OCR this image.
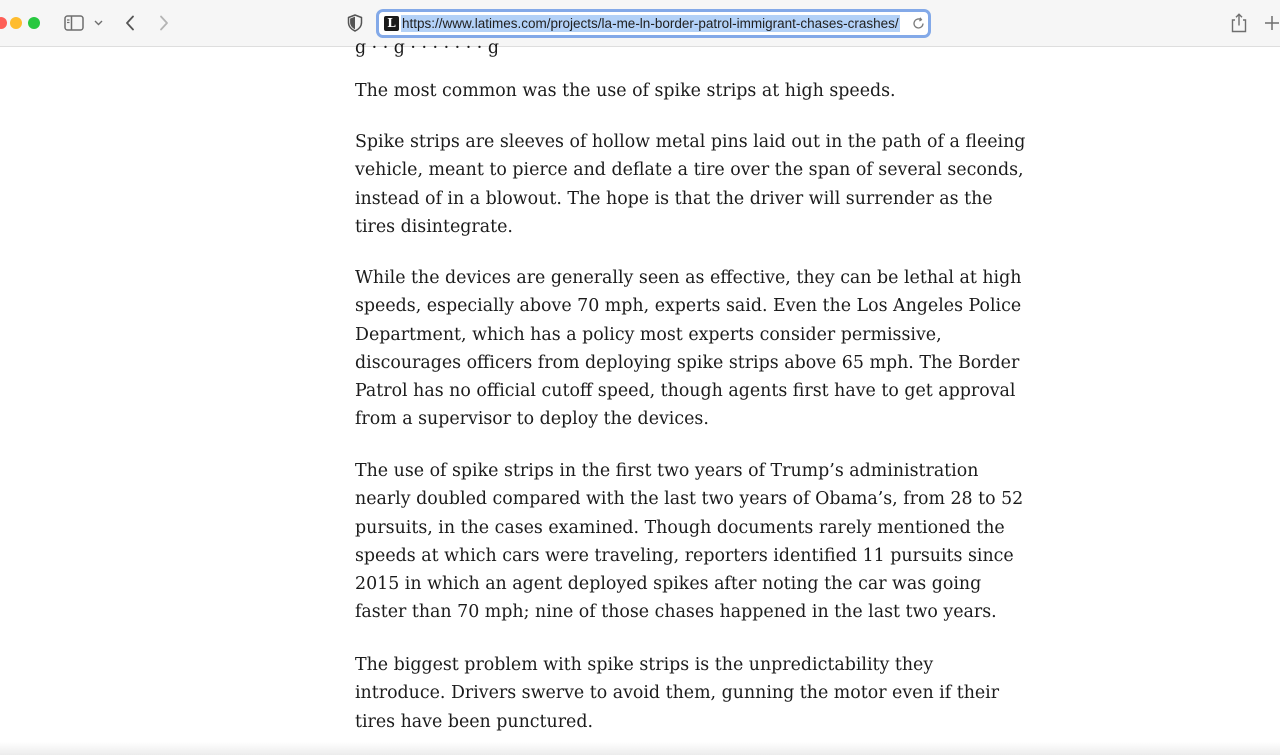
L https://www.latimes.com/projects/la-me-ln-border-patrol-immigrant-chases-crashes/
g · · g · · · · · · · g

The most common was the use of spike strips at high speeds.

Spike strips are sleeves of hollow metal pins laid out in the path of a fleeing
vehicle, meant to pierce and deflate a tire over the span of several seconds,
instead of in a blowout. The hope is that the driver will surrender as the
tires disintegrate.

While the devices are generally seen as effective, they can be lethal at high
speeds, especially above 70 mph, experts said. Even the Los Angeles Police
Department, which has a policy most experts consider permissive,
discourages officers from deploying spike strips above 65 mph. The Border
Patrol has no official cutoff speed, though agents first have to get approval
from a supervisor to deploy the devices.

The use of spike strips in the first two years of Trump’s administration
nearly doubled compared with the last two years of Obama’s, from 28 to 52
pursuits, in the cases examined. Though documents rarely mentioned the
speeds at which cars were traveling, reporters identified 11 pursuits since
2015 in which an agent deployed spikes after noting the car was going
faster than 70 mph; nine of those chases happened in the last two years.

The biggest problem with spike strips is the unpredictability they
introduce. Drivers swerve to avoid them, gunning the motor even if their
tires have been punctured.
